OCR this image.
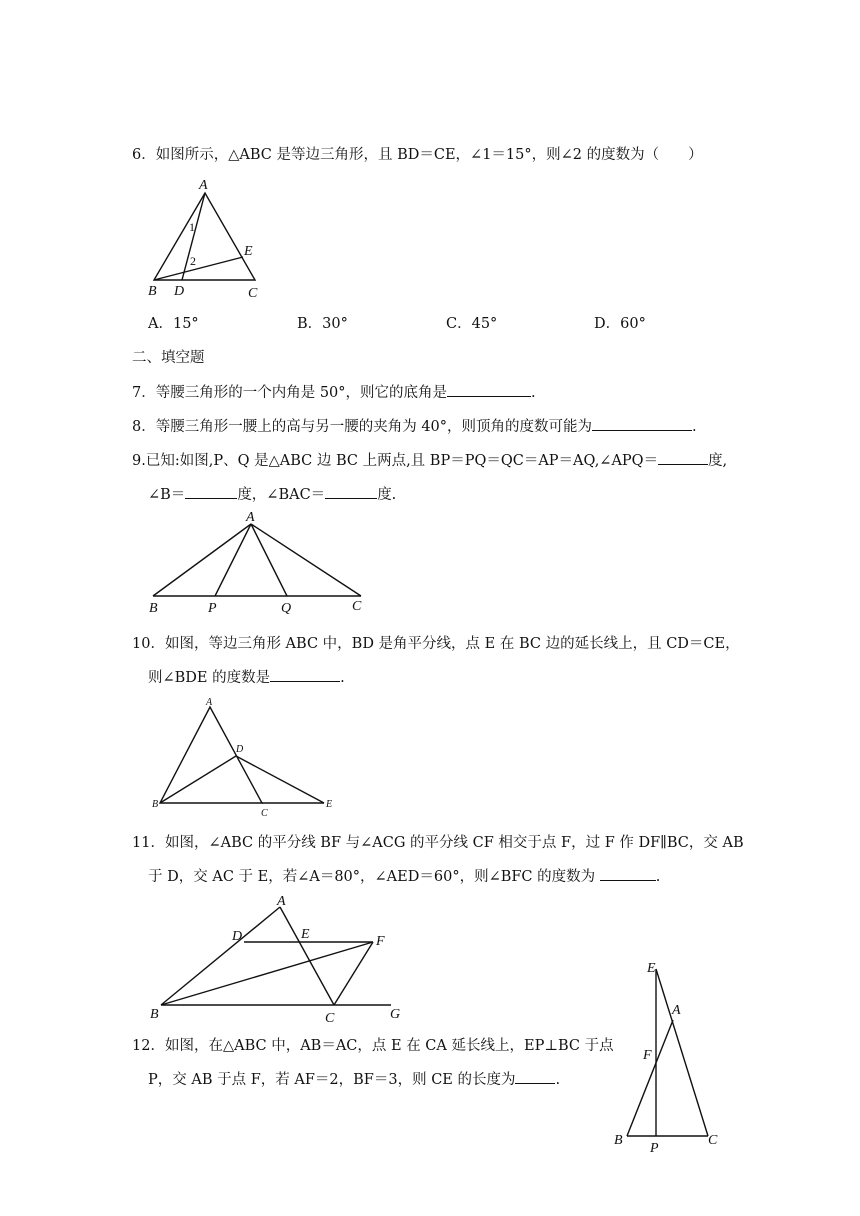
6．如图所示，△ABC 是等边三角形，且 BD＝CE，∠1＝15°，则∠2 的度数为（　　）
A
B D	C
E
1
2
A．15°	B．30°	C．45°	D．60°
二、填空题
7．等腰三角形的一个内角是 50°，则它的底角是	.
8．等腰三角形一腰上的高与另一腰的夹角为 40°，则顶角的度数可能为	.
9.已知:如图,P、Q 是△ABC 边 BC 上两点,且 BP＝PQ＝QC＝AP＝AQ,∠APQ＝	度,
∠B＝	度，∠BAC＝	度.
A
B	P	Q	C
10．如图，等边三角形 ABC 中，BD 是角平分线，点 E 在 BC 边的延长线上，且 CD＝CE，
则∠BDE 的度数是	.
A
B
C
D
E
11．如图，∠ABC 的平分线 BF 与∠ACG 的平分线 CF 相交于点 F，过 F 作 DF∥BC，交 AB
于 D，交 AC 于 E，若∠A＝80°，∠AED＝60°，则∠BFC 的度数为	.
A
D	E	F
B	C	G
12．如图，在△ABC 中，AB＝AC，点 E 在 CA 延长线上，EP⊥BC 于点
P，交 AB 于点 F，若 AF＝2，BF＝3，则 CE 的长度为	.
E
A
F
B
P
C
